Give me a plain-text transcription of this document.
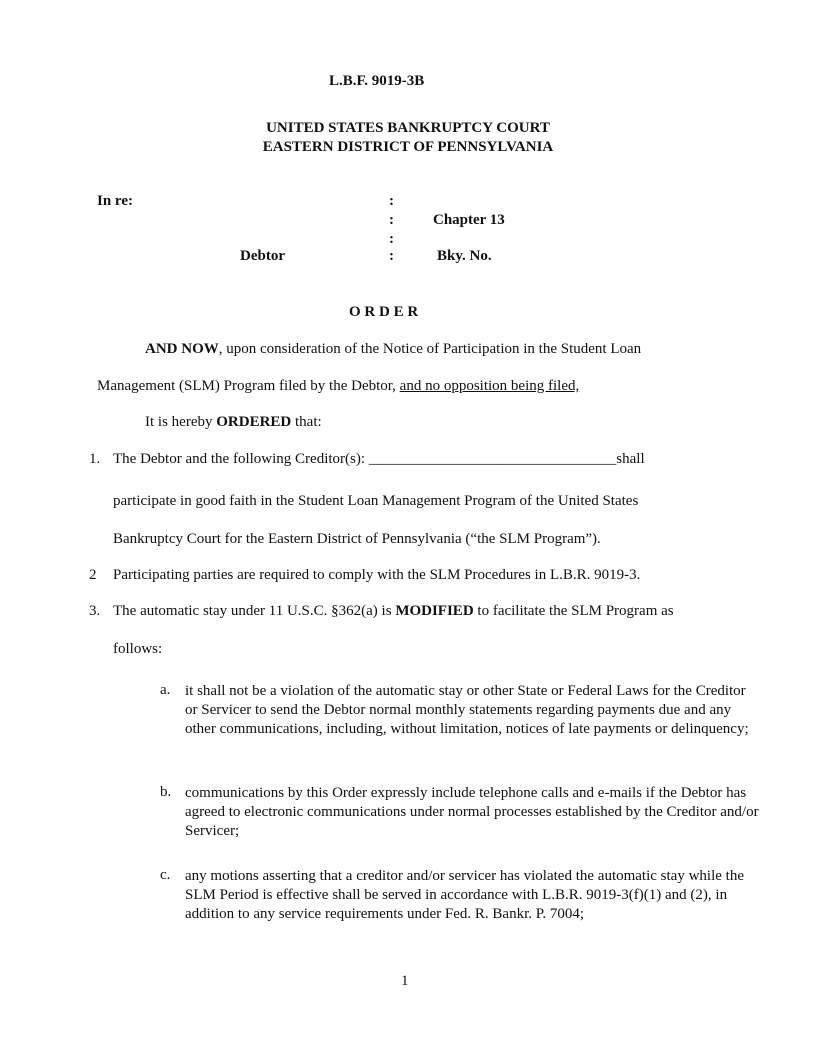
L.B.F. 9019-3B
UNITED STATES BANKRUPTCY COURT
EASTERN DISTRICT OF PENNSYLVANIA
In re:	:
:	Chapter 13
:
Debtor	:	Bky. No.
O R D E R
AND NOW, upon consideration of the Notice of Participation in the Student Loan
Management (SLM) Program filed by the Debtor, and no opposition being filed,
It is hereby ORDERED that:
1. The Debtor and the following Creditor(s): _________________________________shall
participate in good faith in the Student Loan Management Program of the United States
Bankruptcy Court for the Eastern District of Pennsylvania (“the SLM Program”).
2 Participating parties are required to comply with the SLM Procedures in L.B.R. 9019-3.
3. The automatic stay under 11 U.S.C. §362(a) is MODIFIED to facilitate the SLM Program as
follows:
a. it shall not be a violation of the automatic stay or other State or Federal Laws for the Creditor or Servicer to send the Debtor normal monthly statements regarding payments due and any other communications, including, without limitation, notices of late payments or delinquency;
b. communications by this Order expressly include telephone calls and e-mails if the Debtor has agreed to electronic communications under normal processes established by the Creditor and/or Servicer;
c. any motions asserting that a creditor and/or servicer has violated the automatic stay while the SLM Period is effective shall be served in accordance with L.B.R. 9019-3(f)(1) and (2), in addition to any service requirements under Fed. R. Bankr. P. 7004;
1
